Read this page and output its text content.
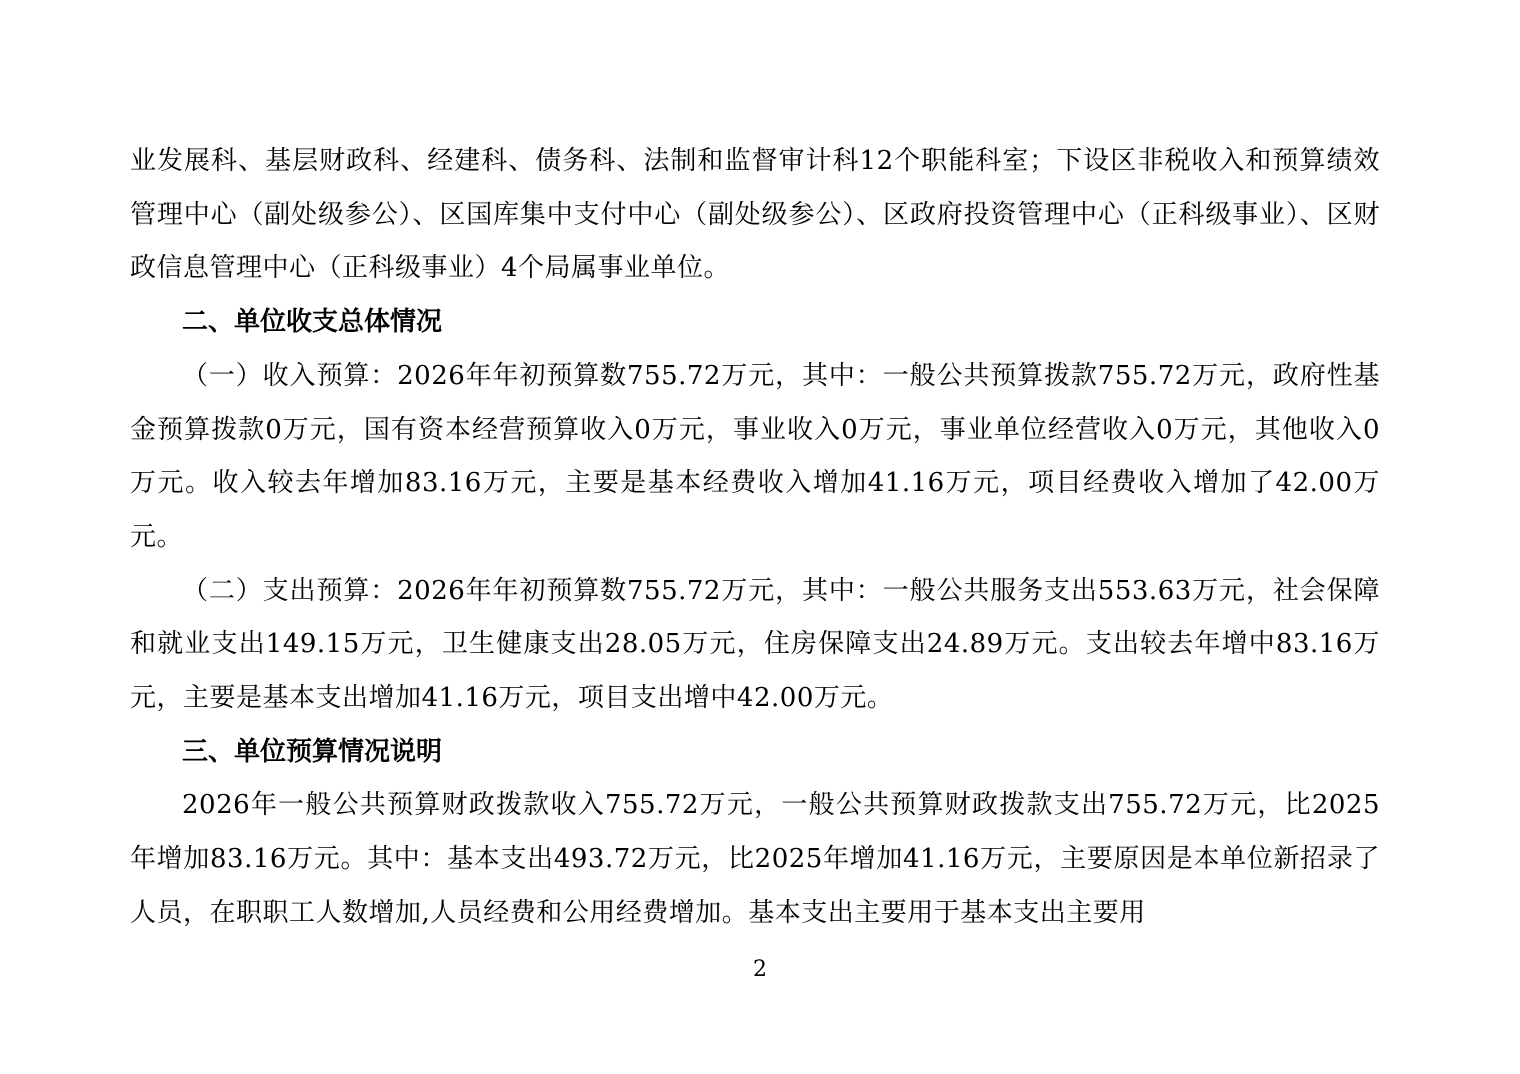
业发展科、基层财政科、经建科、债务科、法制和监督审计科12个职能科室；下设区非税收入和预算绩效管理中心（副处级参公）、区国库集中支付中心（副处级参公）、区政府投资管理中心（正科级事业）、区财政信息管理中心（正科级事业）4个局属事业单位。

二、单位收支总体情况

（一）收入预算：2026年年初预算数755.72万元，其中：一般公共预算拨款755.72万元，政府性基金预算拨款0万元，国有资本经营预算收入0万元，事业收入0万元，事业单位经营收入0万元，其他收入0万元。收入较去年增加83.16万元，主要是基本经费收入增加41.16万元，项目经费收入增加了42.00万元。

（二）支出预算：2026年年初预算数755.72万元，其中：一般公共服务支出553.63万元，社会保障和就业支出149.15万元，卫生健康支出28.05万元，住房保障支出24.89万元。支出较去年增中83.16万元，主要是基本支出增加41.16万元，项目支出增中42.00万元。

三、单位预算情况说明

2026年一般公共预算财政拨款收入755.72万元，一般公共预算财政拨款支出755.72万元，比2025年增加83.16万元。其中：基本支出493.72万元，比2025年增加41.16万元，主要原因是本单位新招录了人员，在职职工人数增加,人员经费和公用经费增加。基本支出主要用于基本支出主要用

2
